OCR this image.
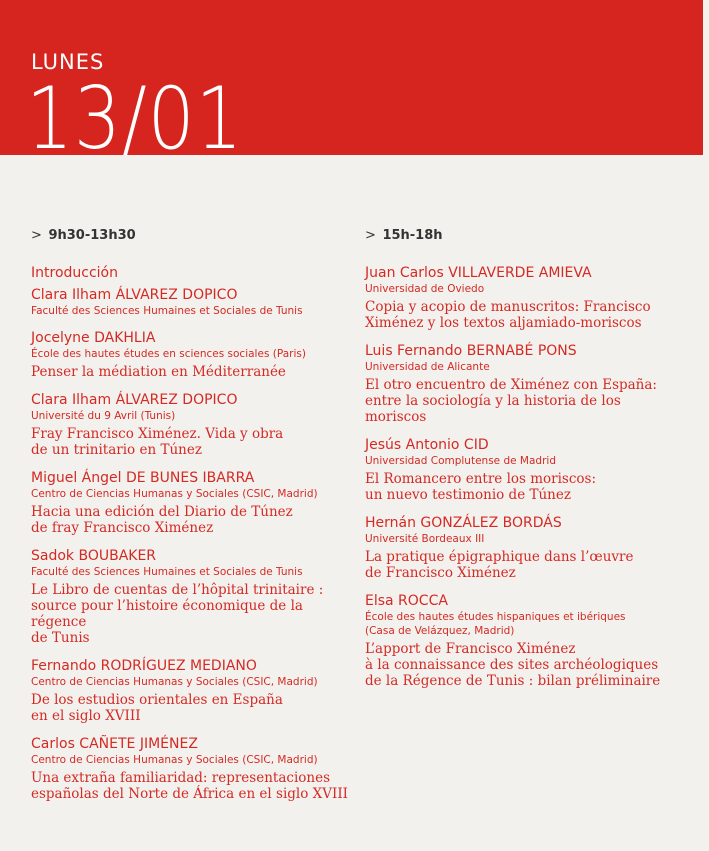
LUNES
13/01
> 9h30-13h30
Introducción
Clara Ilham ÁLVAREZ DOPICO
Faculté des Sciences Humaines et Sociales de Tunis
Jocelyne DAKHLIA
École des hautes études en sciences sociales (Paris)
Penser la médiation en Méditerranée
Clara Ilham ÁLVAREZ DOPICO
Université du 9 Avril (Tunis)
Fray Francisco Ximénez. Vida y obra
de un trinitario en Túnez
Miguel Ángel DE BUNES IBARRA
Centro de Ciencias Humanas y Sociales (CSIC, Madrid)
Hacia una edición del Diario de Túnez
de fray Francisco Ximénez
Sadok BOUBAKER
Faculté des Sciences Humaines et Sociales de Tunis
Le Libro de cuentas de l’hôpital trinitaire :
source pour l’histoire économique de la régence
de Tunis
Fernando RODRÍGUEZ MEDIANO
Centro de Ciencias Humanas y Sociales (CSIC, Madrid)
De los estudios orientales en España
en el siglo XVIII
Carlos CAÑETE JIMÉNEZ
Centro de Ciencias Humanas y Sociales (CSIC, Madrid)
Una extraña familiaridad: representaciones
españolas del Norte de África en el siglo XVIII
> 15h-18h
Juan Carlos VILLAVERDE AMIEVA
Universidad de Oviedo
Copia y acopio de manuscritos: Francisco
Ximénez y los textos aljamiado-moriscos
Luis Fernando BERNABÉ PONS
Universidad de Alicante
El otro encuentro de Ximénez con España:
entre la sociología y la historia de los moriscos
Jesús Antonio CID
Universidad Complutense de Madrid
El Romancero entre los moriscos:
un nuevo testimonio de Túnez
Hernán GONZÁLEZ BORDÁS
Université Bordeaux III
La pratique épigraphique dans l’œuvre
de Francisco Ximénez
Elsa ROCCA
École des hautes études hispaniques et ibériques
(Casa de Velázquez, Madrid)
L’apport de Francisco Ximénez
à la connaissance des sites archéologiques
de la Régence de Tunis : bilan préliminaire
